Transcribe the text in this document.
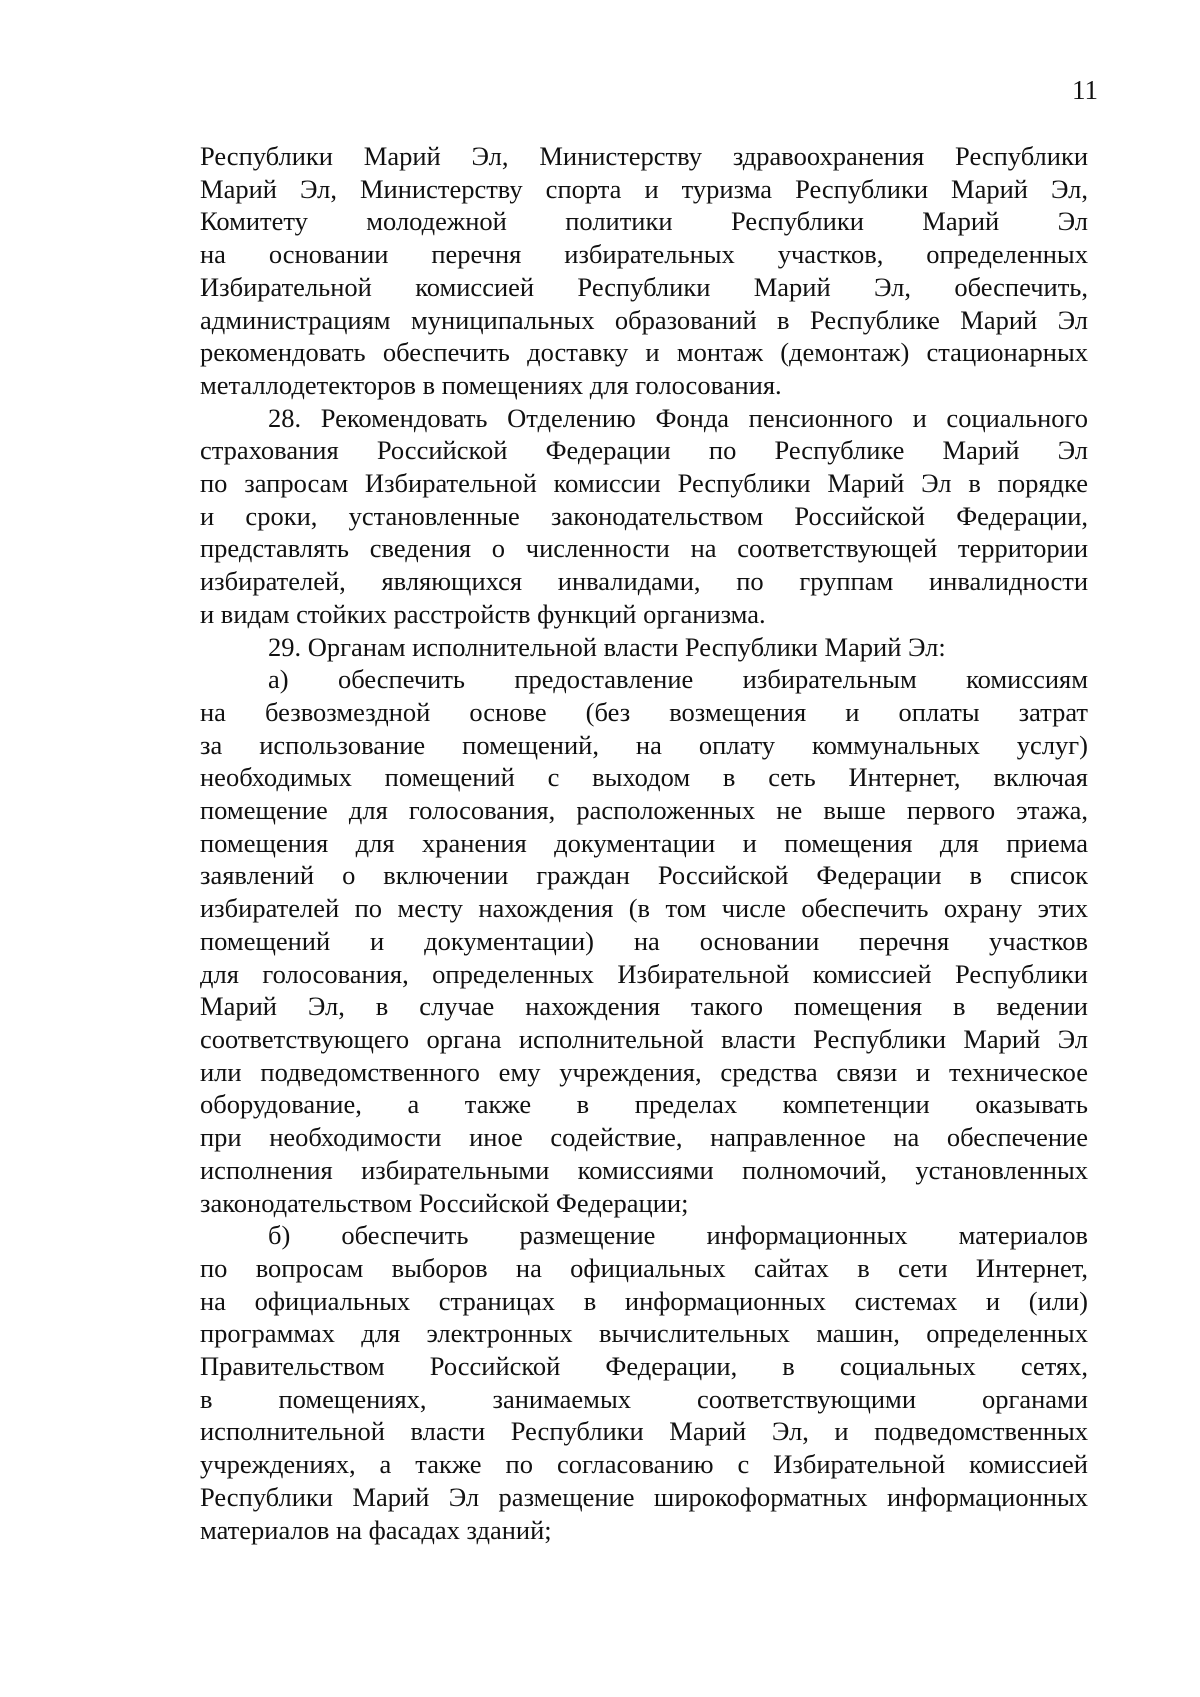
11
Республики Марий Эл, Министерству здравоохранения Республики
Марий Эл, Министерству спорта и туризма Республики Марий Эл,
Комитету молодежной политики Республики Марий Эл
на основании перечня избирательных участков, определенных
Избирательной комиссией Республики Марий Эл, обеспечить,
администрациям муниципальных образований в Республике Марий Эл
рекомендовать обеспечить доставку и монтаж (демонтаж) стационарных
металлодетекторов в помещениях для голосования.
28. Рекомендовать Отделению Фонда пенсионного и социального
страхования Российской Федерации по Республике Марий Эл
по запросам Избирательной комиссии Республики Марий Эл в порядке
и сроки, установленные законодательством Российской Федерации,
представлять сведения о численности на соответствующей территории
избирателей, являющихся инвалидами, по группам инвалидности
и видам стойких расстройств функций организма.
29. Органам исполнительной власти Республики Марий Эл:
а) обеспечить предоставление избирательным комиссиям
на безвозмездной основе (без возмещения и оплаты затрат
за использование помещений, на оплату коммунальных услуг)
необходимых помещений с выходом в сеть Интернет, включая
помещение для голосования, расположенных не выше первого этажа,
помещения для хранения документации и помещения для приема
заявлений о включении граждан Российской Федерации в список
избирателей по месту нахождения (в том числе обеспечить охрану этих
помещений и документации) на основании перечня участков
для голосования, определенных Избирательной комиссией Республики
Марий Эл, в случае нахождения такого помещения в ведении
соответствующего органа исполнительной власти Республики Марий Эл
или подведомственного ему учреждения, средства связи и техническое
оборудование, а также в пределах компетенции оказывать
при необходимости иное содействие, направленное на обеспечение
исполнения избирательными комиссиями полномочий, установленных
законодательством Российской Федерации;
б) обеспечить размещение информационных материалов
по вопросам выборов на официальных сайтах в сети Интернет,
на официальных страницах в информационных системах и (или)
программах для электронных вычислительных машин, определенных
Правительством Российской Федерации, в социальных сетях,
в помещениях, занимаемых соответствующими органами
исполнительной власти Республики Марий Эл, и подведомственных
учреждениях, а также по согласованию с Избирательной комиссией
Республики Марий Эл размещение широкоформатных информационных
материалов на фасадах зданий;
